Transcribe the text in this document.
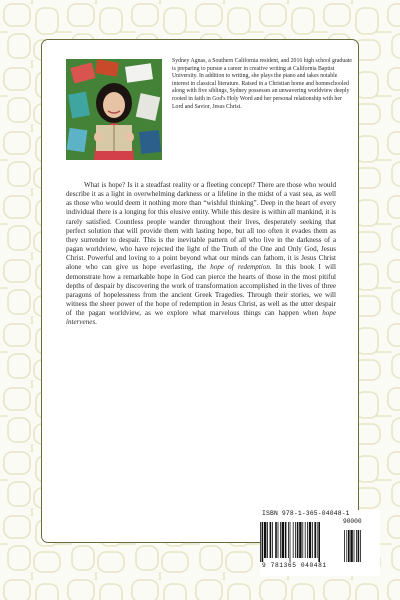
Sydney Agnas, a Southern California resident, and 2016 high school graduate is preparing to pursue a career in creative writing at California Baptist University. In addition to writing, she plays the piano and takes notable interest in classical literature. Raised in a Christian home and homeschooled along with five siblings, Sydney possesses an unwavering worldview deeply rooted in faith in God's Holy Word and her personal relationship with her Lord and Savior, Jesus Christ.
What is hope? Is it a steadfast reality or a fleeting concept? There are those who would describe it as a light in overwhelming darkness or a lifeline in the midst of a vast sea, as well as those who would deem it nothing more than “wishful thinking”. Deep in the heart of every individual there is a longing for this elusive entity. While this desire is within all mankind, it is rarely satisfied. Countless people wander throughout their lives, desperately seeking that perfect solution that will provide them with lasting hope, but all too often it evades them as they surrender to despair. This is the inevitable pattern of all who live in the darkness of a pagan worldview, who have rejected the light of the Truth of the One and Only God, Jesus Christ. Powerful and loving to a point beyond what our minds can fathom, it is Jesus Christ alone who can give us hope everlasting, the hope of redemption. In this book I will demonstrate how a remarkable hope in God can pierce the hearts of those in the most pitiful depths of despair by discovering the work of transformation accomplished in the lives of three paragons of hopelessness from the ancient Greek Tragedies. Through their stories, we will witness the sheer power of the hope of redemption in Jesus Christ, as well as the utter despair of the pagan worldview, as we explore what marvelous things can happen when hope intervenes.
ISBN 978-1-365-04048-1
90000
9 781365 040481
